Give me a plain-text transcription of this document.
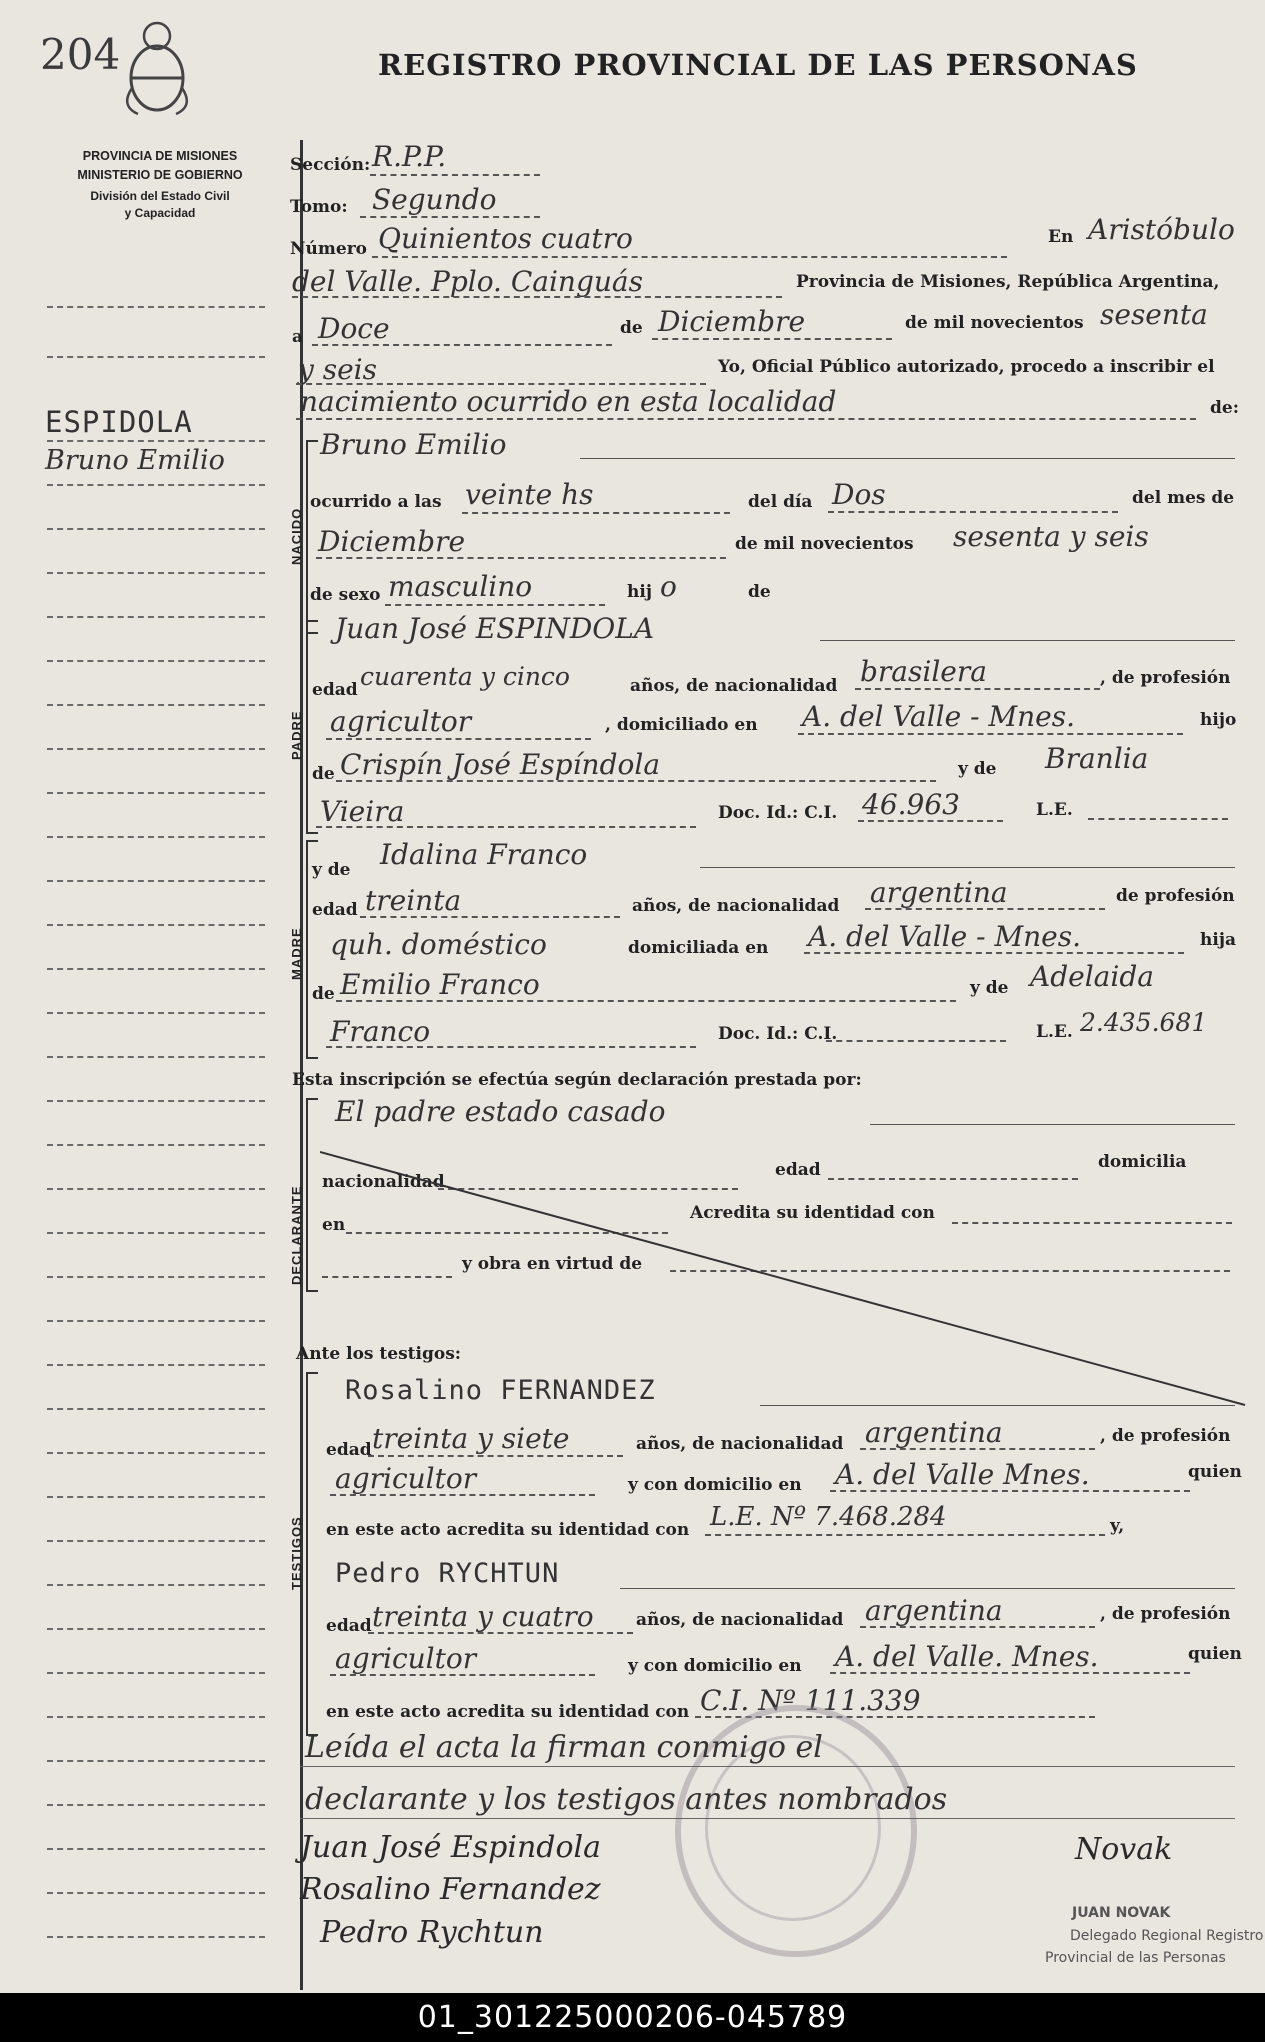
204	REGISTRO PROVINCIAL DE LAS PERSONAS
PROVINCIA DE MISIONES
MINISTERIO DE GOBIERNO
División del Estado Civil
y Capacidad
ESPIDOLA
Bruno Emilio
Sección: R.P.P.
Tomo: Segundo
Número Quinientos cuatro	En Aristóbulo
del Valle. Pplo. Cainguás	Provincia de Misiones, República Argentina,
a Doce	de Diciembre	de mil novecientos sesenta
y seis	Yo, Oficial Público autorizado, procedo a inscribir el
nacimiento ocurrido en esta localidad	de:
NACIDO
Bruno Emilio
ocurrido a las veinte hs	del día Dos	del mes de
Diciembre	de mil novecientos sesenta y seis
de sexo masculino	hij o	de
PADRE
Juan José ESPINDOLA
edad cuarenta y cinco	años, de nacionalidad brasilera	, de profesión
agricultor	, domiciliado en A. del Valle - Mnes.	hijo
de Crispín José Espíndola	y de Branlia
Vieira	Doc. Id.: C.I. 46.963	L.E.
MADRE
y de Idalina Franco
edad treinta	años, de nacionalidad argentina	de profesión
quh. doméstico	domiciliada en A. del Valle - Mnes.	hija
de Emilio Franco	y de Adelaida
Franco	Doc. Id.: C.I.	L.E. 2.435.681
Esta inscripción se efectúa según declaración prestada por:
DECLARANTE
El padre estado casado
nacionalidad
edad	domicilia
en
Acredita su identidad con
y obra en virtud de
Ante los testigos:
TESTIGOS
Rosalino FERNANDEZ
edad treinta y siete	años, de nacionalidad argentina	, de profesión
agricultor	y con domicilio en A. del Valle Mnes.	quien
en este acto acredita su identidad con L.E. Nº 7.468.284	y,
Pedro RYCHTUN
edad treinta y cuatro años, de nacionalidad argentina	, de profesión
agricultor	y con domicilio en A. del Valle. Mnes.	quien
en este acto acredita su identidad con C.I. Nº 111.339
Leída el acta la firman conmigo el
declarante y los testigos antes nombrados
Juan José Espindola
Rosalino Fernandez
Pedro Rychtun
Novak
JUAN NOVAK
Delegado Regional Registro
Provincial de las Personas
01_301225000206-045789
